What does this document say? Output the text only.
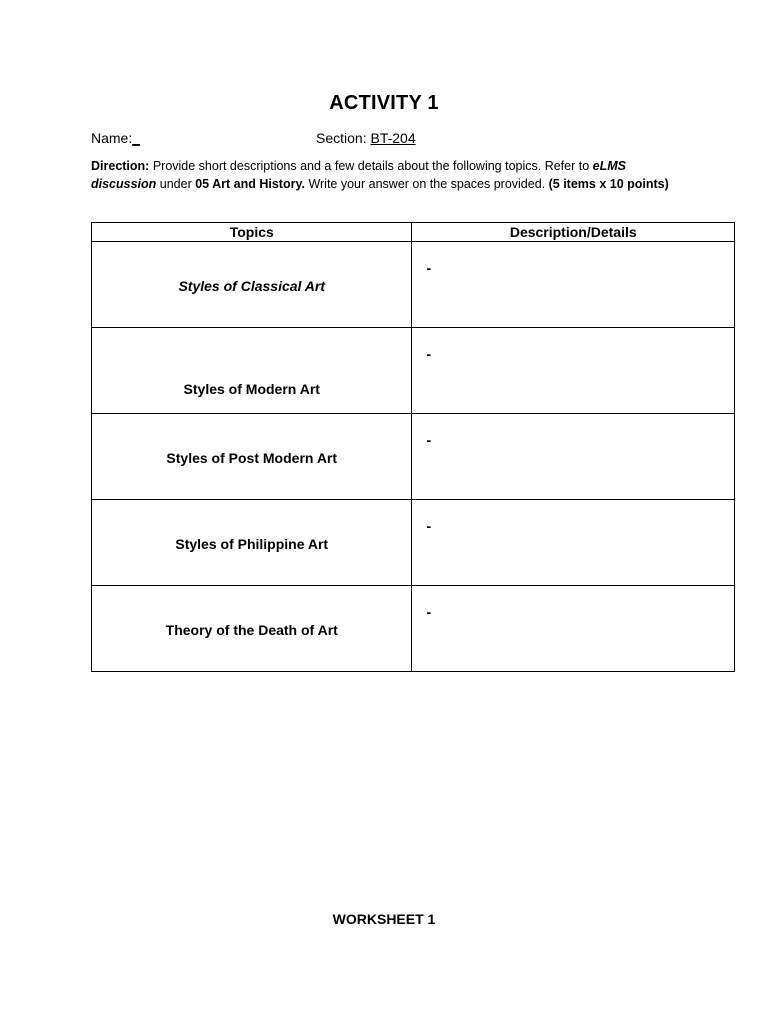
ACTIVITY 1
Name:_	Section: BT-204
Direction: Provide short descriptions and a few details about the following topics. Refer to eLMS discussion under 05 Art and History. Write your answer on the spaces provided. (5 items x 10 points)
Topics	Description/Details

Styles of Classical Art	-

Styles of Modern Art	-

Styles of Post Modern Art	-

Styles of Philippine Art	-

Theory of the Death of Art	-
WORKSHEET 1
